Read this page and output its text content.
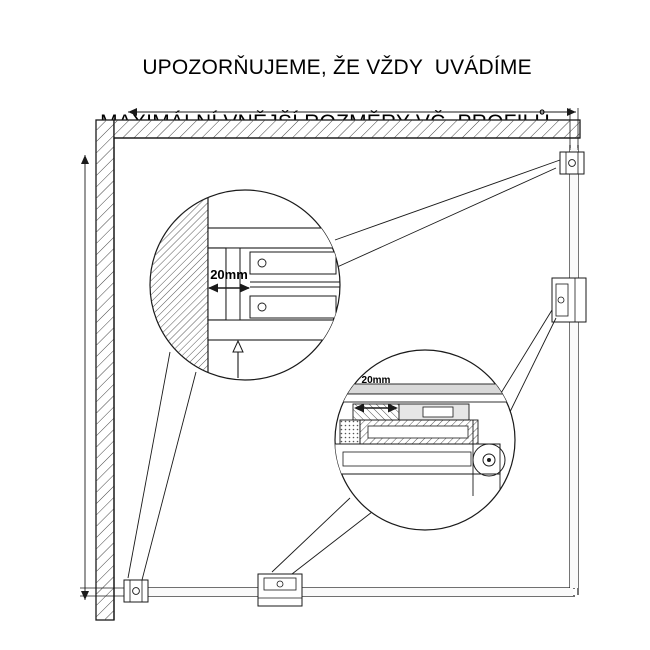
UPOZORŇUJEME, ŽE VŽDY  UVÁDÍME

20mm
20mm
